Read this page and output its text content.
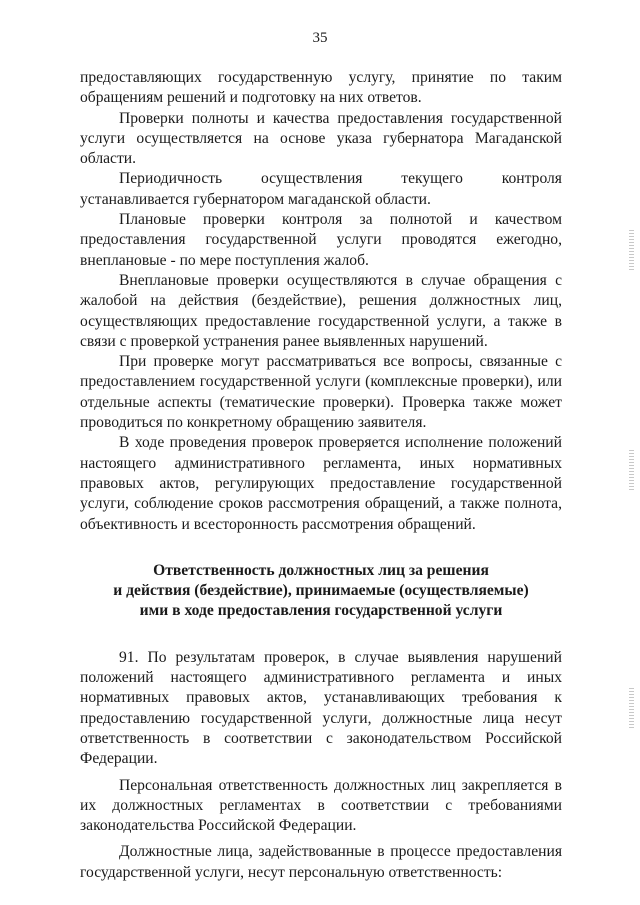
35

предоставляющих государственную услугу, принятие по таким обращениям решений и подготовку на них ответов.

Проверки полноты и качества предоставления государственной услуги осуществляется на основе указа губернатора Магаданской области.

Периодичность осуществления текущего контроля устанавливается губернатором магаданской области.

Плановые проверки контроля за полнотой и качеством предоставления государственной услуги проводятся ежегодно, внеплановые - по мере поступления жалоб.

Внеплановые проверки осуществляются в случае обращения с жалобой на действия (бездействие), решения должностных лиц, осуществляющих предоставление государственной услуги, а также в связи с проверкой устранения ранее выявленных нарушений.

При проверке могут рассматриваться все вопросы, связанные с предоставлением государственной услуги (комплексные проверки), или отдельные аспекты (тематические проверки). Проверка также может проводиться по конкретному обращению заявителя.

В ходе проведения проверок проверяется исполнение положений настоящего административного регламента, иных нормативных правовых актов, регулирующих предоставление государственной услуги, соблюдение сроков рассмотрения обращений, а также полнота, объективность и всесторонность рассмотрения обращений.

Ответственность должностных лиц за решения
и действия (бездействие), принимаемые (осуществляемые)
ими в ходе предоставления государственной услуги

91. По результатам проверок, в случае выявления нарушений положений настоящего административного регламента и иных нормативных правовых актов, устанавливающих требования к предоставлению государственной услуги, должностные лица несут ответственность в соответствии с законодательством Российской Федерации.

Персональная ответственность должностных лиц закрепляется в их должностных регламентах в соответствии с требованиями законодательства Российской Федерации.

Должностные лица, задействованные в процессе предоставления государственной услуги, несут персональную ответственность:
